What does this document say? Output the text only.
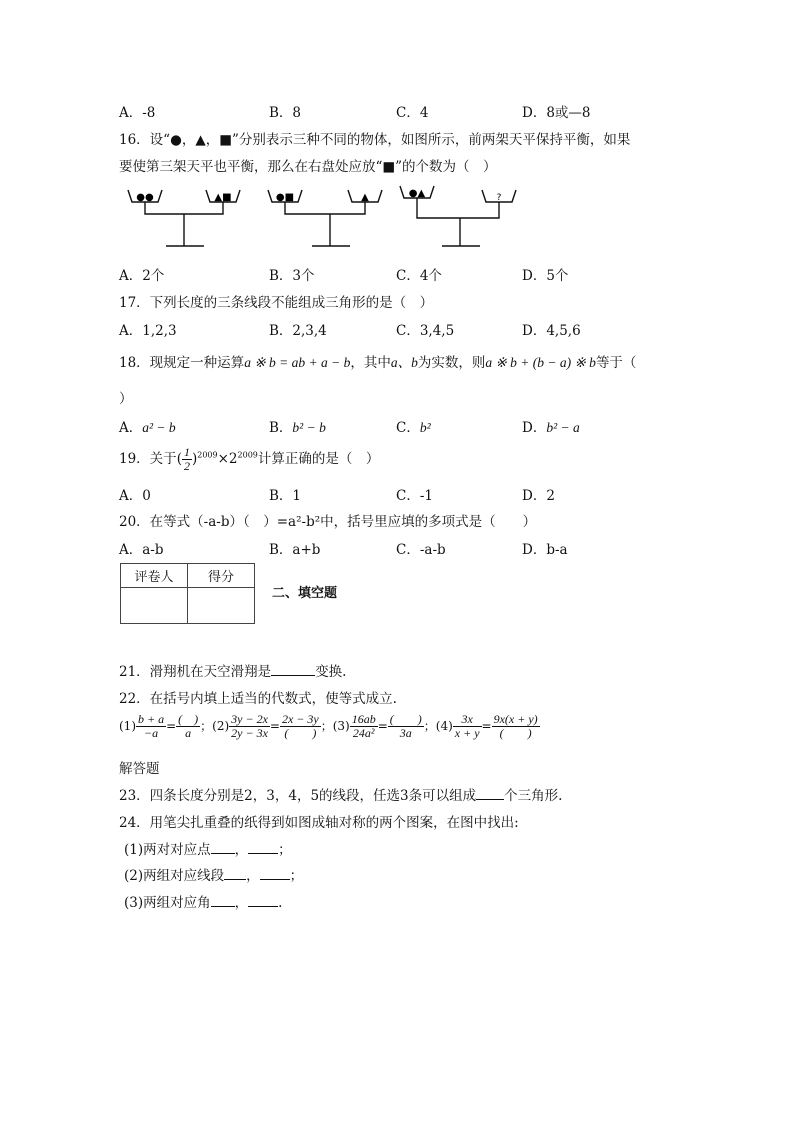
A．-8	B．8	C．4	D．8或—8
16．设“●，▲，■”分别表示三种不同的物体，如图所示，前两架天平保持平衡，如果
要使第三架天平也平衡，那么在右盘处应放“■”的个数为（　）
●●	▲■	●■	▲	●▲	?
A．2个	B．3个	C．4个	D．5个
17．下列长度的三条线段不能组成三角形的是（　）
A．1,2,3	B．2,3,4	C．3,4,5	D．4,5,6
18．现规定一种运算a ※ b = ab + a − b，其中a、b为实数，则a ※ b + (b − a) ※ b等于（
）
A．a² − b	B．b² − b	C．b²	D．b² − a
19．关于( $\frac{1}{2} )^{2009}\times 2^{2009}$计算正确的是（　）
A．0	B．1	C．-1	D．2
20．在等式（-a-b）（　）=a²-b²中，括号里应填的多项式是（　　）
A．a-b	B．a+b	C．-a-b	D．b-a
评卷人	得分

二、填空题
21．滑翔机在天空滑翔是	变换.
22．在括号内填上适当的代数式，使等式成立.
$(1) \frac{b + a}{-a} = \frac{( )}{a}$ ；$(2) \frac{3y - 2x}{2y - 3x} = \frac{2x - 3y}{( )}$ ；$(3) \frac{16ab}{\text{24a²}} = \frac{( )}{3a}$ ；$(4) \frac{3x}{x + y} = \frac{9x(x + y)}{( )}$
解答题
23．四条长度分别是2，3，4，5的线段，任选3条可以组成 个三角形.
24．用笔尖扎重叠的纸得到如图成轴对称的两个图案，在图中找出:
(1)两对对应点 ， ；
(2)两组对应线段 ， ；
(3)两组对应角 ， .
